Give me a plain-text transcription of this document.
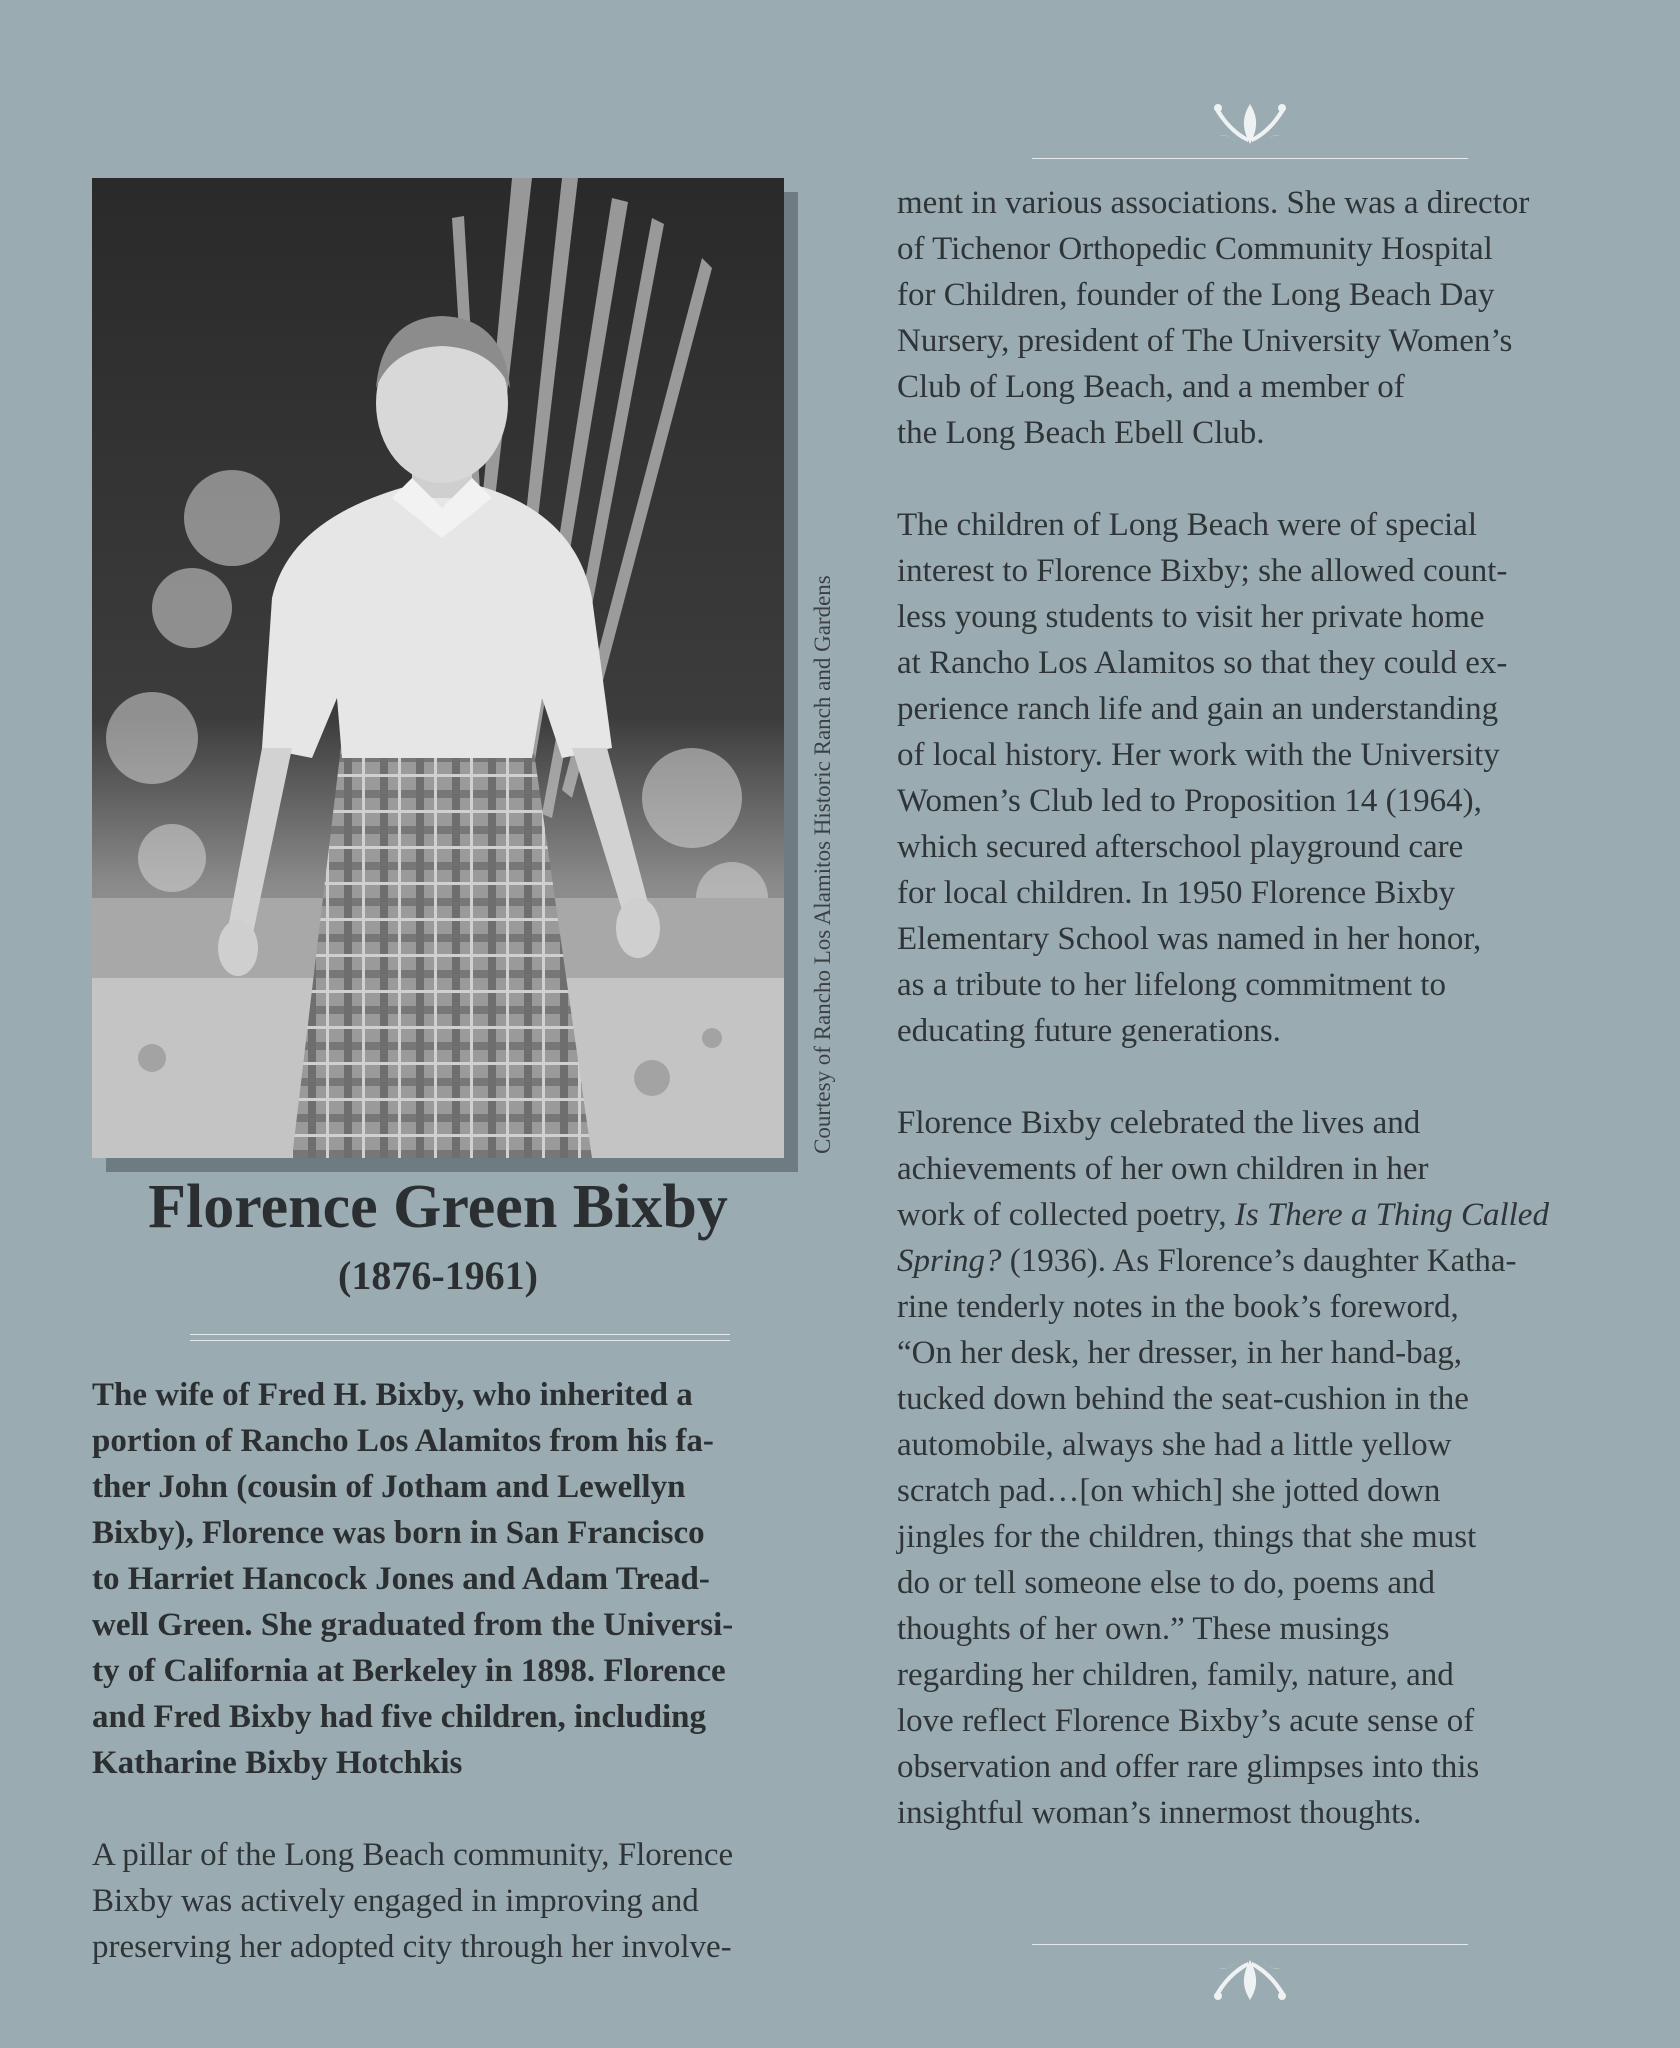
Courtesy of Rancho Los Alamitos Historic Ranch and Gardens
Florence Green Bixby
(1876-1961)

The wife of Fred H. Bixby, who inherited a
portion of Rancho Los Alamitos from his fa-
ther John (cousin of Jotham and Lewellyn
Bixby), Florence was born in San Francisco
to Harriet Hancock Jones and Adam Tread-
well Green. She graduated from the Universi-
ty of California at Berkeley in 1898. Florence
and Fred Bixby had five children, including
Katharine Bixby Hotchkis

A pillar of the Long Beach community, Florence
Bixby was actively engaged in improving and
preserving her adopted city through her involve-

ment in various associations. She was a director
of Tichenor Orthopedic Community Hospital
for Children, founder of the Long Beach Day
Nursery, president of The University Women’s
Club of Long Beach, and a member of
the Long Beach Ebell Club.

The children of Long Beach were of special
interest to Florence Bixby; she allowed count-
less young students to visit her private home
at Rancho Los Alamitos so that they could ex-
perience ranch life and gain an understanding
of local history. Her work with the University
Women’s Club led to Proposition 14 (1964),
which secured afterschool playground care
for local children. In 1950 Florence Bixby
Elementary School was named in her honor,
as a tribute to her lifelong commitment to
educating future generations.

Florence Bixby celebrated the lives and
achievements of her own children in her
work of collected poetry, Is There a Thing Called
Spring? (1936). As Florence’s daughter Katha-
rine tenderly notes in the book’s foreword,
“On her desk, her dresser, in her hand-bag,
tucked down behind the seat-cushion in the
automobile, always she had a little yellow
scratch pad…[on which] she jotted down
jingles for the children, things that she must
do or tell someone else to do, poems and
thoughts of her own.” These musings
regarding her children, family, nature, and
love reflect Florence Bixby’s acute sense of
observation and offer rare glimpses into this
insightful woman’s innermost thoughts.
